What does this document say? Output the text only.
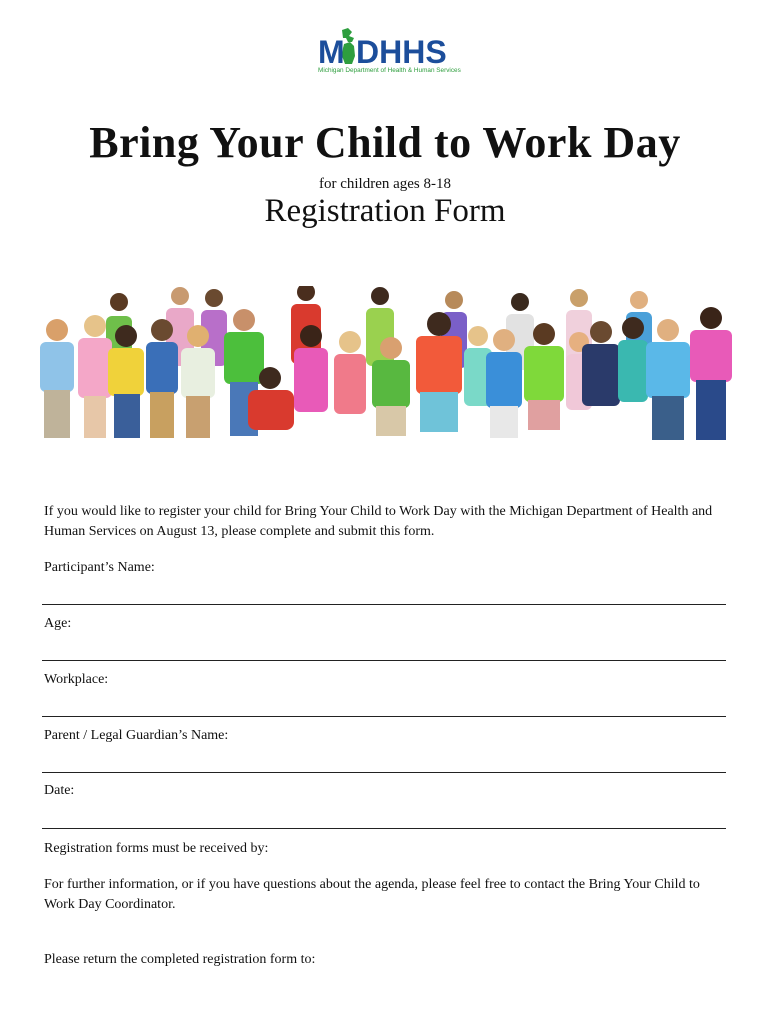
M DHHS
Michigan Department of Health & Human Services
Bring Your Child to Work Day
for children ages 8-18
Registration Form

If you would like to register your child for Bring Your Child to Work Day with the Michigan Department of Health and Human Services on August 13, please complete and submit this form.

Participant’s Name:
Age:
Workplace:
Parent / Legal Guardian’s Name:
Date:

Registration forms must be received by:

For further information, or if you have questions about the agenda, please feel free to contact the Bring Your Child to Work Day Coordinator.

Please return the completed registration form to:
